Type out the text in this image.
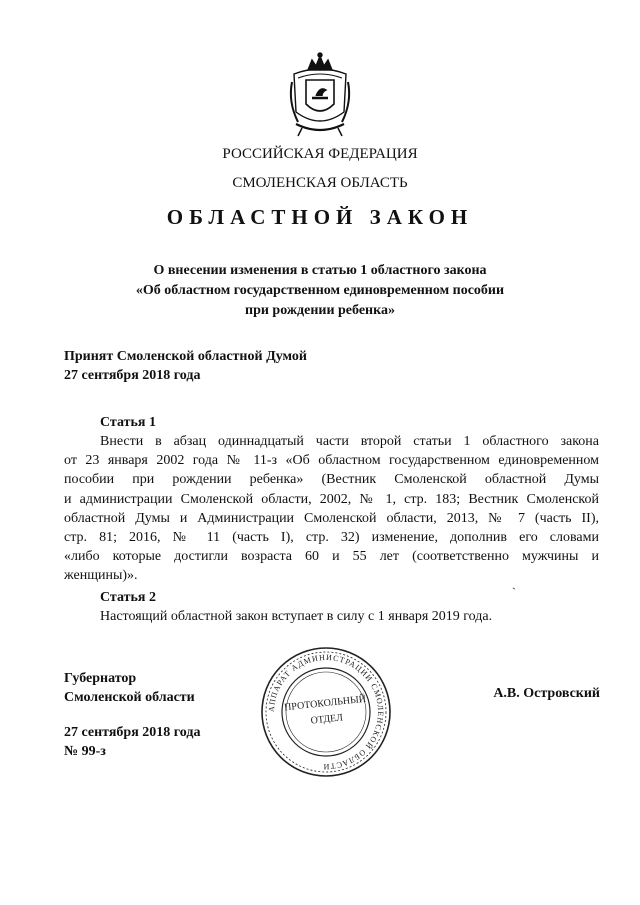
РОССИЙСКАЯ ФЕДЕРАЦИЯ
СМОЛЕНСКАЯ ОБЛАСТЬ
ОБЛАСТНОЙ ЗАКОН
О внесении изменения в статью 1 областного закона
«Об областном государственном единовременном пособии
при рождении ребенка»
Принят Смоленской областной Думой
27 сентября 2018 года
Статья 1
Внести в абзац одиннадцатый части второй статьи 1 областного закона
от 23 января 2002 года № 11-з «Об областном государственном единовременном
пособии при рождении ребенка» (Вестник Смоленской областной Думы
и администрации Смоленской области, 2002, № 1, стр. 183; Вестник Смоленской
областной Думы и Администрации Смоленской области, 2013, № 7 (часть II),
стр. 81; 2016, № 11 (часть I), стр. 32) изменение, дополнив его словами
«либо которые достигли возраста 60 и 55 лет (соответственно мужчины и
женщины)».	ˎ
Статья 2
Настоящий областной закон вступает в силу с 1 января 2019 года.
Губернатор
Смоленской области
АППАРАТ АДМИНИСТРАЦИИ СМОЛЕНСКОЙ ОБЛАСТИ
ПРОТОКОЛЬНЫЙ
ОТДЕЛ
А.В. Островский
27 сентября 2018 года
№ 99-з
